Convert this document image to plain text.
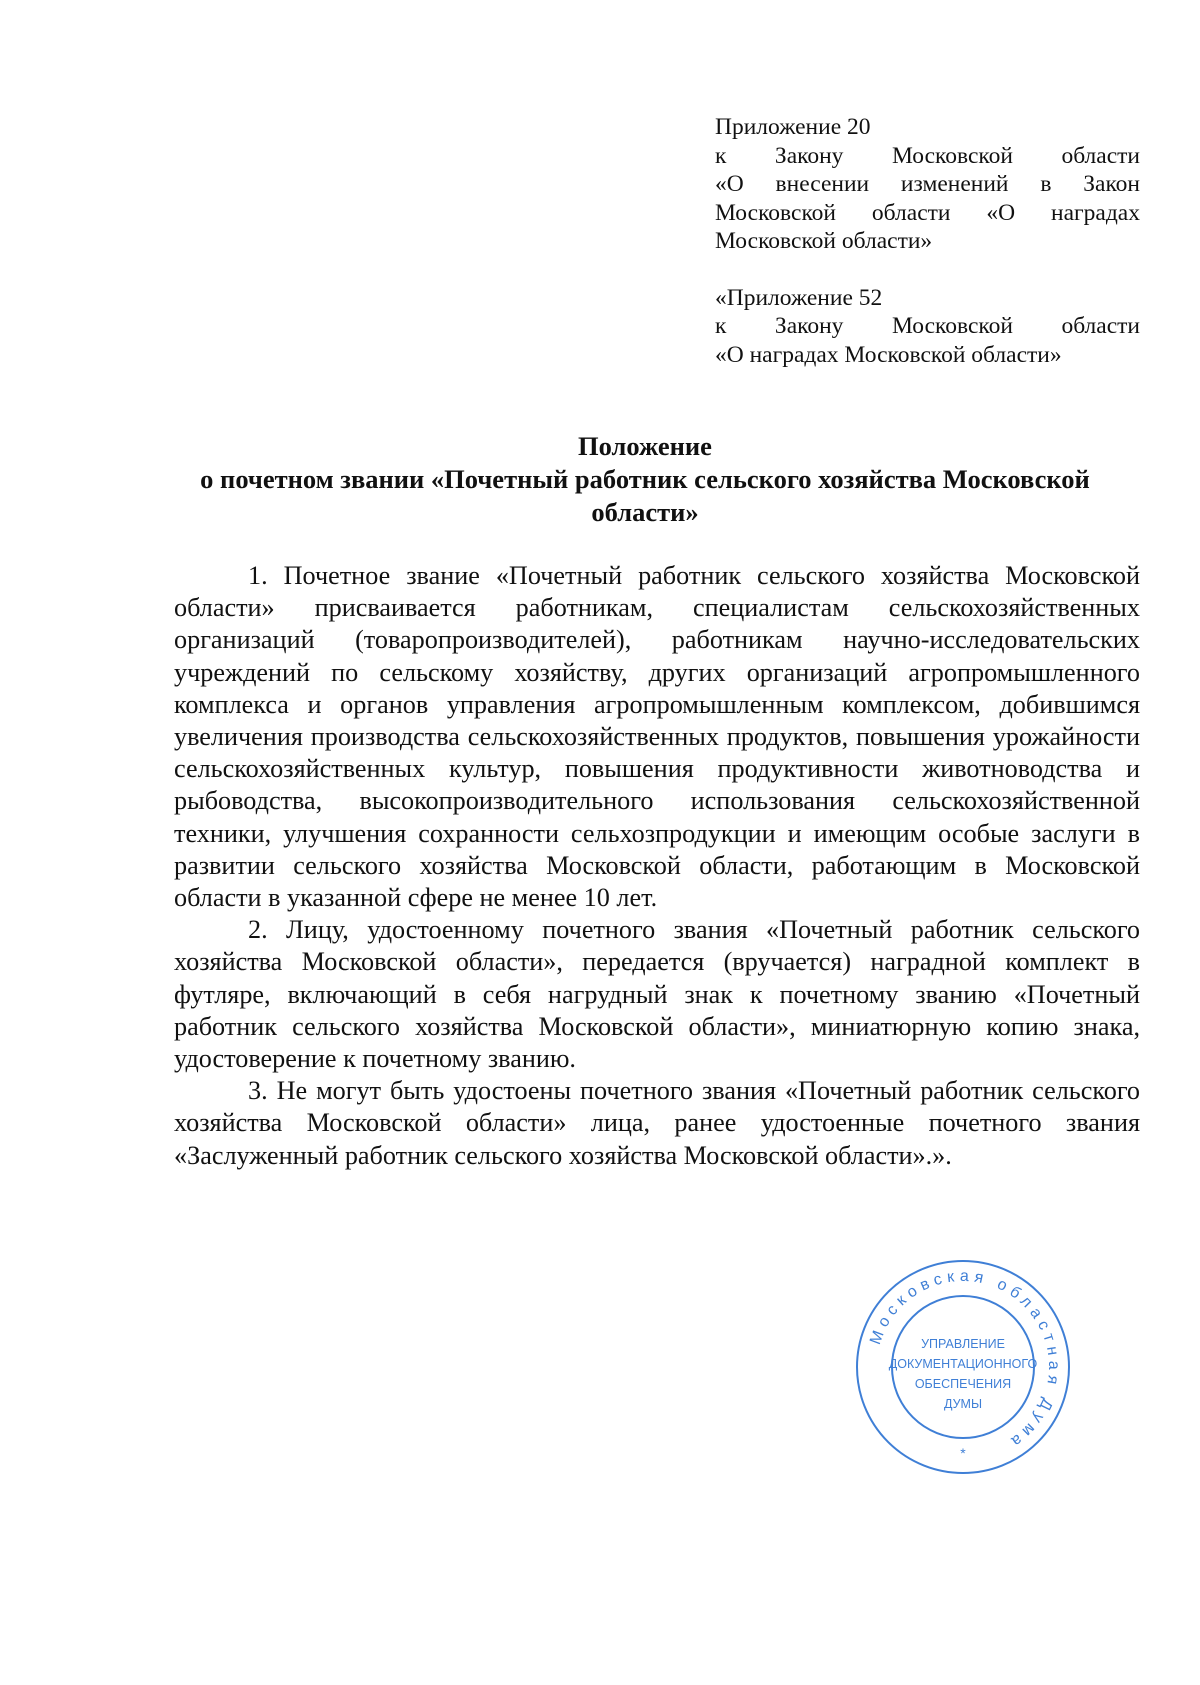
Приложение 20
к Закону Московской области
«О внесении изменений в Закон
Московской области «О наградах
Московской области»
«Приложение 52
к Закону Московской области
«О наградах Московской области»
Положение
о почетном звании «Почетный работник сельского хозяйства Московской области»

1. Почетное звание «Почетный работник сельского хозяйства Московской области» присваивается работникам, специалистам сельскохозяйственных организаций (товаропроизводителей), работникам научно-исследовательских учреждений по сельскому хозяйству, других организаций агропромышленного комплекса и органов управления агропромышленным комплексом, добившимся увеличения производства сельскохозяйственных продуктов, повышения урожайности сельскохозяйственных культур, повышения продуктивности животноводства и рыбоводства, высокопроизводительного использования сельскохозяйственной техники, улучшения сохранности сельхозпродукции и имеющим особые заслуги в развитии сельского хозяйства Московской области, работающим в Московской области в указанной сфере не менее 10 лет.

2. Лицу, удостоенному почетного звания «Почетный работник сельского хозяйства Московской области», передается (вручается) наградной комплект в футляре, включающий в себя нагрудный знак к почетному званию «Почетный работник сельского хозяйства Московской области», миниатюрную копию знака, удостоверение к почетному званию.

3. Не могут быть удостоены почетного звания «Почетный работник сельского хозяйства Московской области» лица, ранее удостоенные почетного звания «Заслуженный работник сельского хозяйства Московской области».».

Московская областная Дума
УПРАВЛЕНИЕ
ДОКУМЕНТАЦИОННОГО
ОБЕСПЕЧЕНИЯ
ДУМЫ
*
